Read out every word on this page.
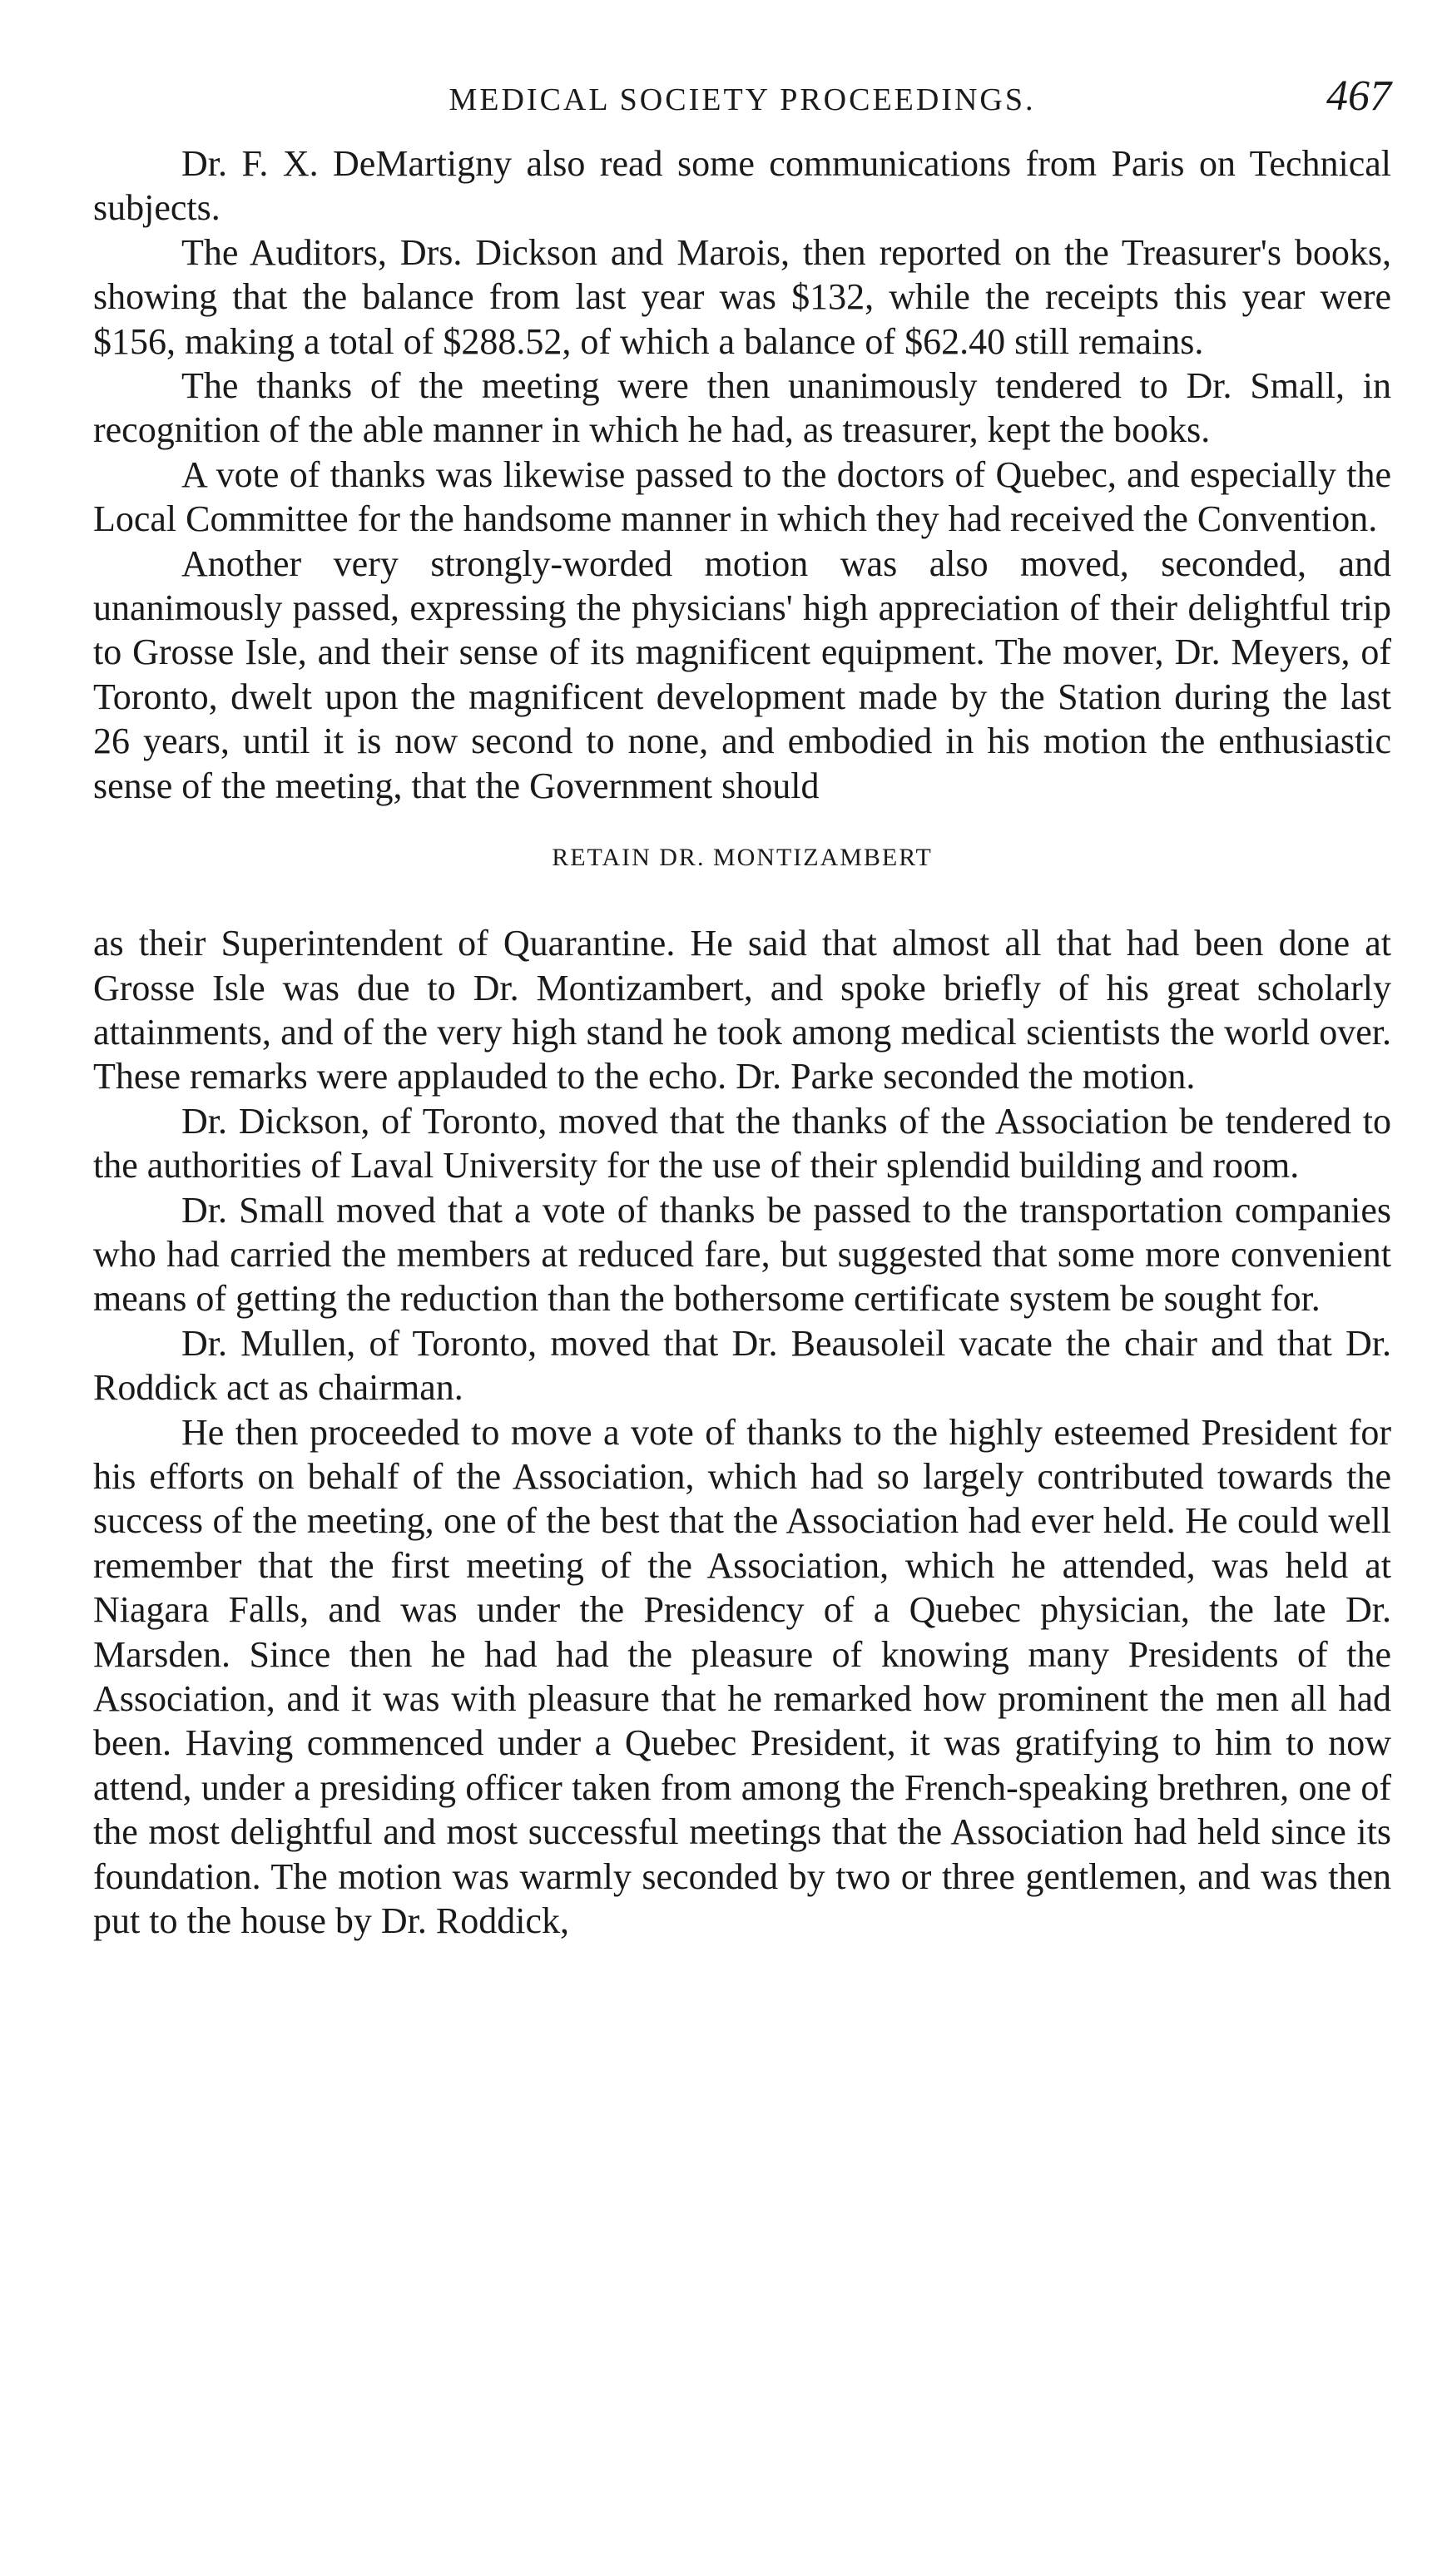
MEDICAL SOCIETY PROCEEDINGS.	467

Dr. F. X. DeMartigny also read some communications from Paris on Technical subjects.

The Auditors, Drs. Dickson and Marois, then reported on the Treasurer's books, showing that the balance from last year was $132, while the receipts this year were $156, making a total of $288.52, of which a balance of $62.40 still remains.

The thanks of the meeting were then unanimously tendered to Dr. Small, in recognition of the able manner in which he had, as treasurer, kept the books.

A vote of thanks was likewise passed to the doctors of Quebec, and especially the Local Committee for the handsome manner in which they had received the Convention.

Another very strongly-worded motion was also moved, seconded, and unanimously passed, expressing the physicians' high appreciation of their delightful trip to Grosse Isle, and their sense of its magnificent equipment. The mover, Dr. Meyers, of Toronto, dwelt upon the magnificent development made by the Station during the last 26 years, until it is now second to none, and embodied in his motion the enthusiastic sense of the meeting, that the Government should

RETAIN DR. MONTIZAMBERT

as their Superintendent of Quarantine. He said that almost all that had been done at Grosse Isle was due to Dr. Montizambert, and spoke briefly of his great scholarly attainments, and of the very high stand he took among medical scientists the world over. These remarks were applauded to the echo. Dr. Parke seconded the motion.

Dr. Dickson, of Toronto, moved that the thanks of the Association be tendered to the authorities of Laval University for the use of their splendid building and room.

Dr. Small moved that a vote of thanks be passed to the transportation companies who had carried the members at reduced fare, but suggested that some more convenient means of getting the reduction than the bothersome certificate system be sought for.

Dr. Mullen, of Toronto, moved that Dr. Beausoleil vacate the chair and that Dr. Roddick act as chairman.

He then proceeded to move a vote of thanks to the highly esteemed President for his efforts on behalf of the Association, which had so largely contributed towards the success of the meeting, one of the best that the Association had ever held. He could well remember that the first meeting of the Association, which he attended, was held at Niagara Falls, and was under the Presidency of a Quebec physician, the late Dr. Marsden. Since then he had had the pleasure of knowing many Presidents of the Association, and it was with pleasure that he remarked how prominent the men all had been. Having commenced under a Quebec President, it was gratifying to him to now attend, under a presiding officer taken from among the French-speaking brethren, one of the most delightful and most successful meetings that the Association had held since its foundation. The motion was warmly seconded by two or three gentlemen, and was then put to the house by Dr. Roddick,
